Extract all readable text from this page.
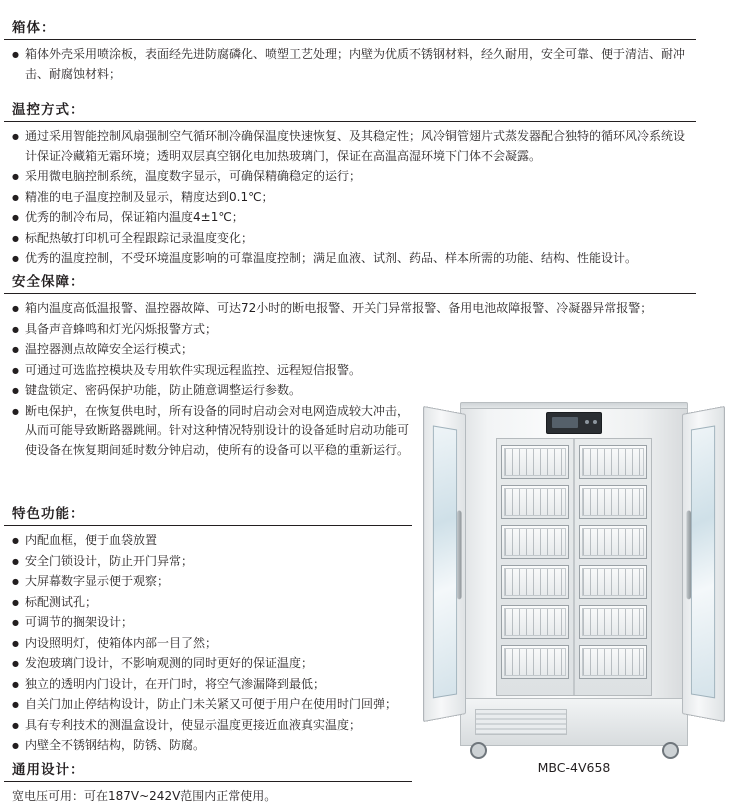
箱体：
● 箱体外壳采用喷涂板，表面经先进防腐磷化、喷塑工艺处理；内壁为优质不锈钢材料，经久耐用，安全可靠、便于清洁、耐冲击、耐腐蚀材料；
温控方式：
● 通过采用智能控制风扇强制空气循环制冷确保温度快速恢复、及其稳定性；风冷铜管翅片式蒸发器配合独特的循环风冷系统设计保证冷藏箱无霜环境；透明双层真空钢化电加热玻璃门，保证在高温高湿环境下门体不会凝露。
● 采用微电脑控制系统，温度数字显示，可确保精确稳定的运行；
● 精准的电子温度控制及显示，精度达到0.1℃；
● 优秀的制冷布局，保证箱内温度4±1℃；
● 标配热敏打印机可全程跟踪记录温度变化；
● 优秀的温度控制，不受环境温度影响的可靠温度控制；满足血液、试剂、药品、样本所需的功能、结构、性能设计。
安全保障：
● 箱内温度高低温报警、温控器故障、可达72小时的断电报警、开关门异常报警、备用电池故障报警、冷凝器异常报警；
● 具备声音蜂鸣和灯光闪烁报警方式；
● 温控器测点故障安全运行模式；
● 可通过可选监控模块及专用软件实现远程监控、远程短信报警。
● 键盘锁定、密码保护功能，防止随意调整运行参数。
● 断电保护，在恢复供电时，所有设备的同时启动会对电网造成较大冲击，从而可能导致断路器跳闸。针对这种情况特别设计的设备延时启动功能可使设备在恢复期间延时数分钟启动，使所有的设备可以平稳的重新运行。
特色功能：
● 内配血框，便于血袋放置
● 安全门锁设计，防止开门异常；
● 大屏幕数字显示便于观察；
● 标配测试孔；
● 可调节的搁架设计；
● 内设照明灯，使箱体内部一目了然；
● 发泡玻璃门设计，不影响观测的同时更好的保证温度；
● 独立的透明内门设计，在开门时，将空气渗漏降到最低；
● 自关门加止停结构设计，防止门未关紧又可便于用户在使用时门回弹；
● 具有专利技术的测温盒设计，使显示温度更接近血液真实温度；
● 内壁全不锈钢结构，防锈、防腐。
通用设计：
宽电压可用：可在187V~242V范围内正常使用。
MBC-4V658
